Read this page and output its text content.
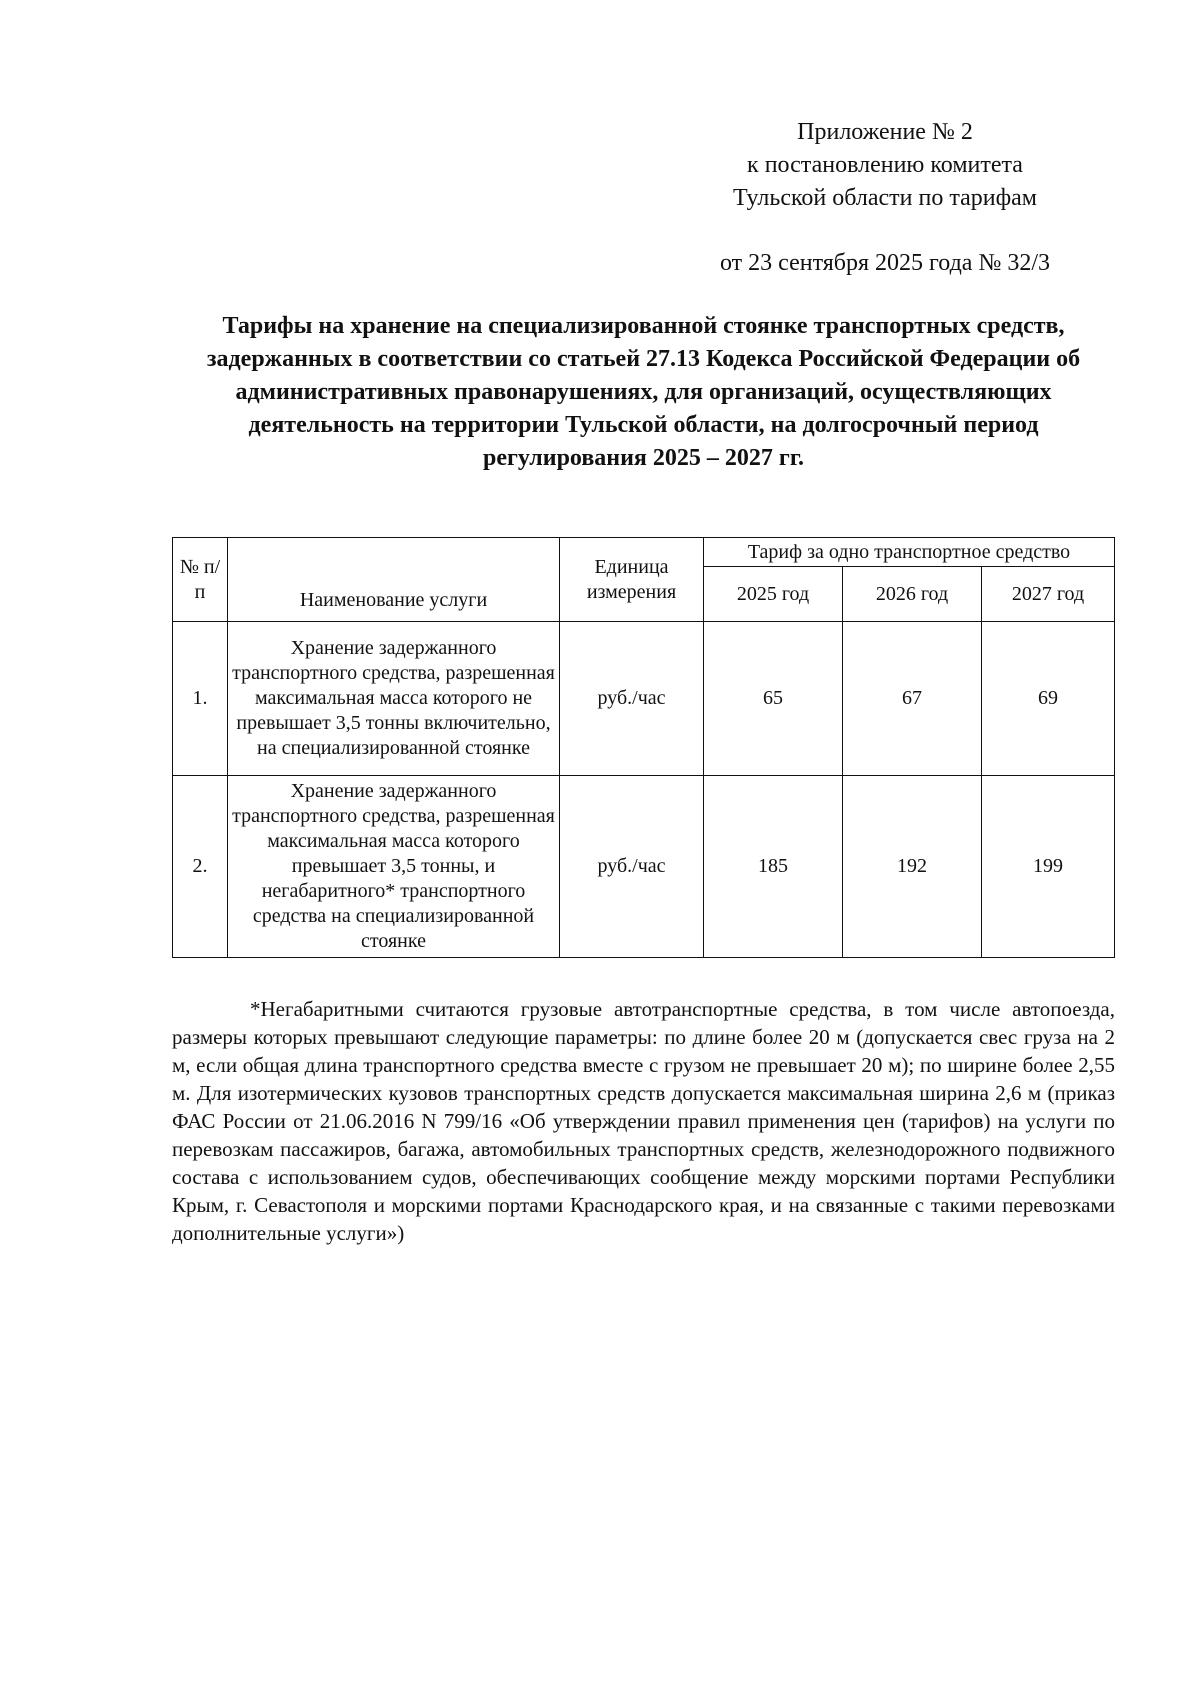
Приложение № 2
к постановлению комитета
Тульской области по тарифам
от 23 сентября 2025 года № 32/3
Тарифы на хранение на специализированной стоянке транспортных средств, задержанных в соответствии со статьей 27.13 Кодекса Российской Федерации об административных правонарушениях, для организаций, осуществляющих деятельность на территории Тульской области, на долгосрочный период регулирования 2025 – 2027 гг.
№ п/ п	Наименование услуги	Единица измерения	Тариф за одно транспортное средство		
			2025 год	2026 год	2027 год
1.	Хранение задержанного транспортного средства, разрешенная максимальная масса которого не превышает 3,5 тонны включительно, на специализированной стоянке	руб./час	65	67	69
2.	Хранение задержанного транспортного средства, разрешенная максимальная масса которого превышает 3,5 тонны, и негабаритного* транспортного средства на специализированной стоянке	руб./час	185	192	199
*Негабаритными считаются грузовые автотранспортные средства, в том числе автопоезда, размеры которых превышают следующие параметры: по длине более 20 м (допускается свес груза на 2 м, если общая длина транспортного средства вместе с грузом не превышает 20 м); по ширине более 2,55 м. Для изотермических кузовов транспортных средств допускается максимальная ширина 2,6 м (приказ ФАС России от 21.06.2016 N 799/16 «Об утверждении правил применения цен (тарифов) на услуги по перевозкам пассажиров, багажа, автомобильных транспортных средств, железнодорожного подвижного состава с использованием судов, обеспечивающих сообщение между морскими портами Республики Крым, г. Севастополя и морскими портами Краснодарского края, и на связанные с такими перевозками дополнительные услуги»)
